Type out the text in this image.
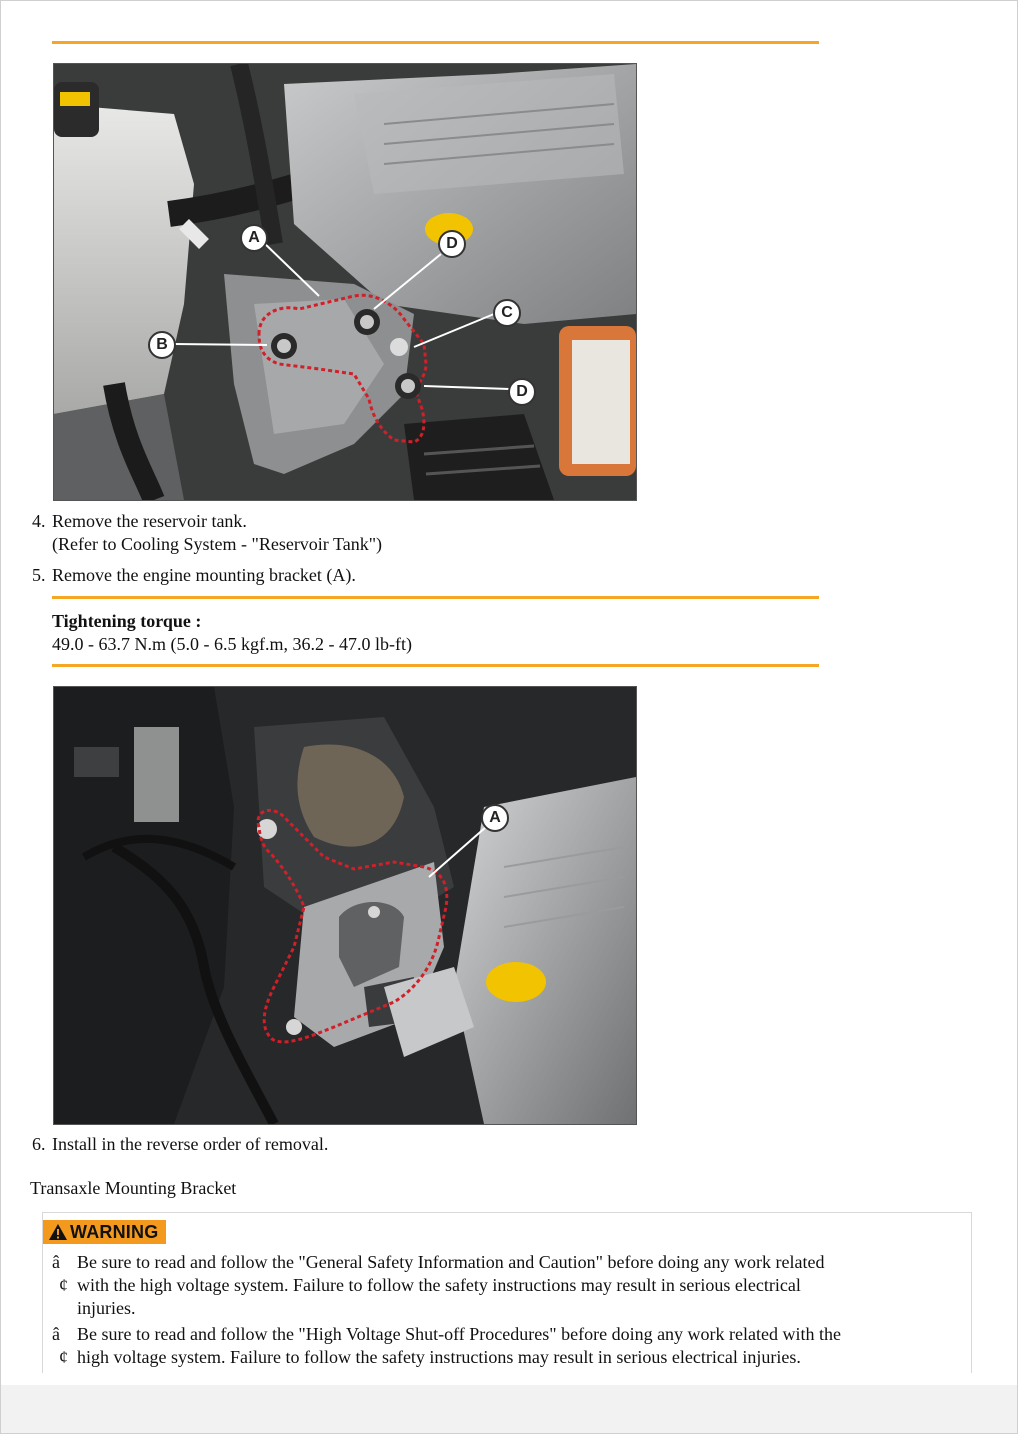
A
B
C
D
D
4. Remove the reservoir tank.
(Refer to Cooling System - "Reservoir Tank")
5. Remove the engine mounting bracket (A).
Tightening torque :
49.0 - 63.7 N.m (5.0 - 6.5 kgf.m, 36.2 - 47.0 lb-ft)
A
6. Install in the reverse order of removal.
Transaxle Mounting Bracket
WARNING
â
¢
Be sure to read and follow the "General Safety Information and Caution" before doing any work related
with the high voltage system. Failure to follow the safety instructions may result in serious electrical
injuries.
â
¢
Be sure to read and follow the "High Voltage Shut-off Procedures" before doing any work related with the
high voltage system. Failure to follow the safety instructions may result in serious electrical injuries.
